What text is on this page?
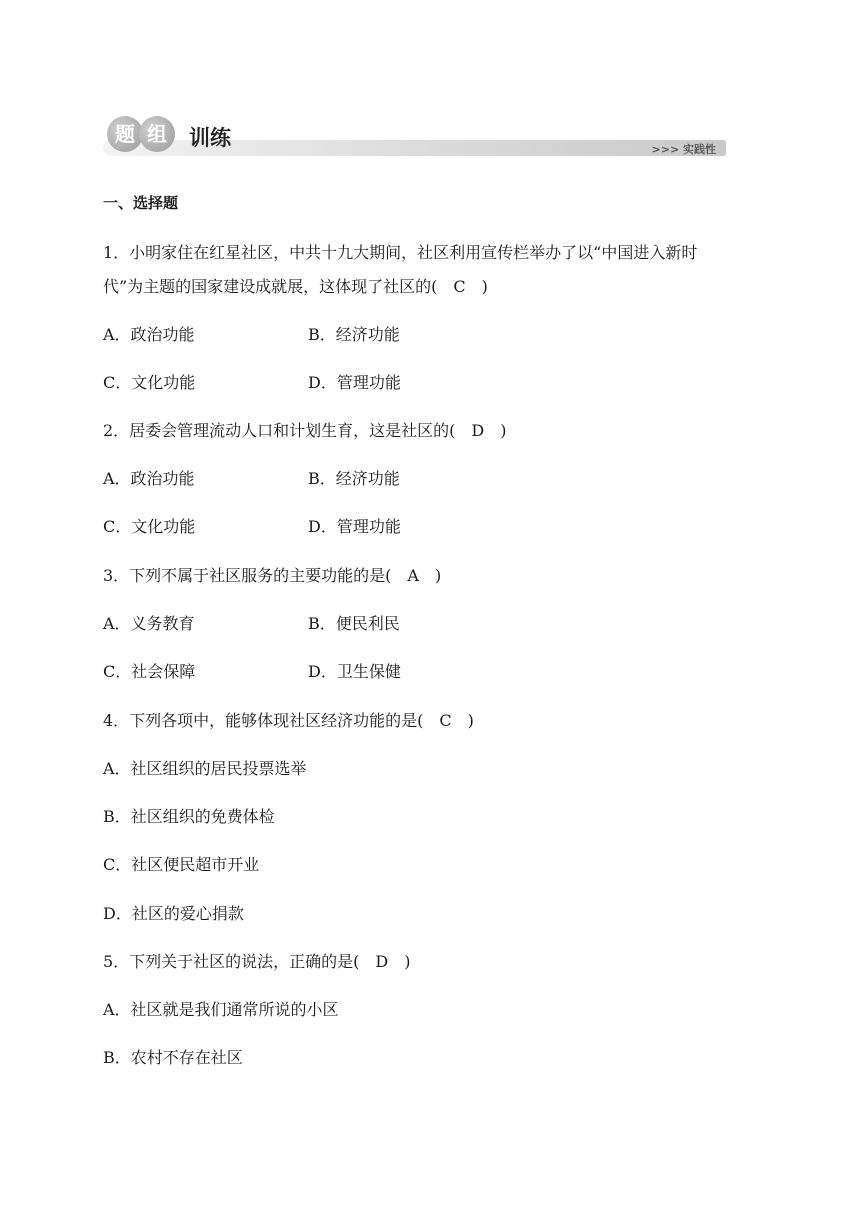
题 组	训练	>>> 实践性
一、选择题
1．小明家住在红星社区，中共十九大期间，社区利用宣传栏举办了以“中国进入新时
代”为主题的国家建设成就展，这体现了社区的(　C　)
A．政治功能	B．经济功能
C．文化功能	D．管理功能
2．居委会管理流动人口和计划生育，这是社区的(　D　)
A．政治功能	B．经济功能
C．文化功能	D．管理功能
3．下列不属于社区服务的主要功能的是(　A　)
A．义务教育	B．便民利民
C．社会保障	D．卫生保健
4．下列各项中，能够体现社区经济功能的是(　C　)
A．社区组织的居民投票选举
B．社区组织的免费体检
C．社区便民超市开业
D．社区的爱心捐款
5．下列关于社区的说法，正确的是(　D　)
A．社区就是我们通常所说的小区
B．农村不存在社区
